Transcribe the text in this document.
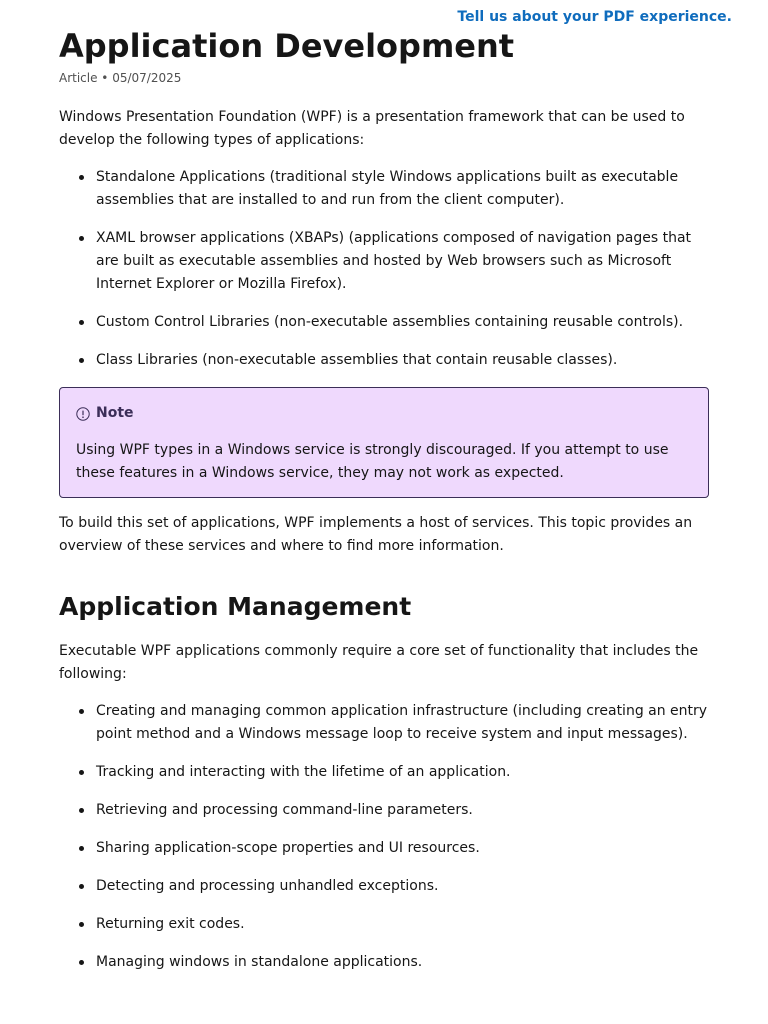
Tell us about your PDF experience.
Application Development
Article • 05/07/2025

Windows Presentation Foundation (WPF) is a presentation framework that can be used to develop the following types of applications:

Standalone Applications (traditional style Windows applications built as executable assemblies that are installed to and run from the client computer).
XAML browser applications (XBAPs) (applications composed of navigation pages that are built as executable assemblies and hosted by Web browsers such as Microsoft Internet Explorer or Mozilla Firefox).
Custom Control Libraries (non-executable assemblies containing reusable controls).
Class Libraries (non-executable assemblies that contain reusable classes).
Note

Using WPF types in a Windows service is strongly discouraged. If you attempt to use these features in a Windows service, they may not work as expected.

To build this set of applications, WPF implements a host of services. This topic provides an overview of these services and where to find more information.

Application Management

Executable WPF applications commonly require a core set of functionality that includes the following:

Creating and managing common application infrastructure (including creating an entry point method and a Windows message loop to receive system and input messages).
Tracking and interacting with the lifetime of an application.
Retrieving and processing command-line parameters.
Sharing application-scope properties and UI resources.
Detecting and processing unhandled exceptions.
Returning exit codes.
Managing windows in standalone applications.
